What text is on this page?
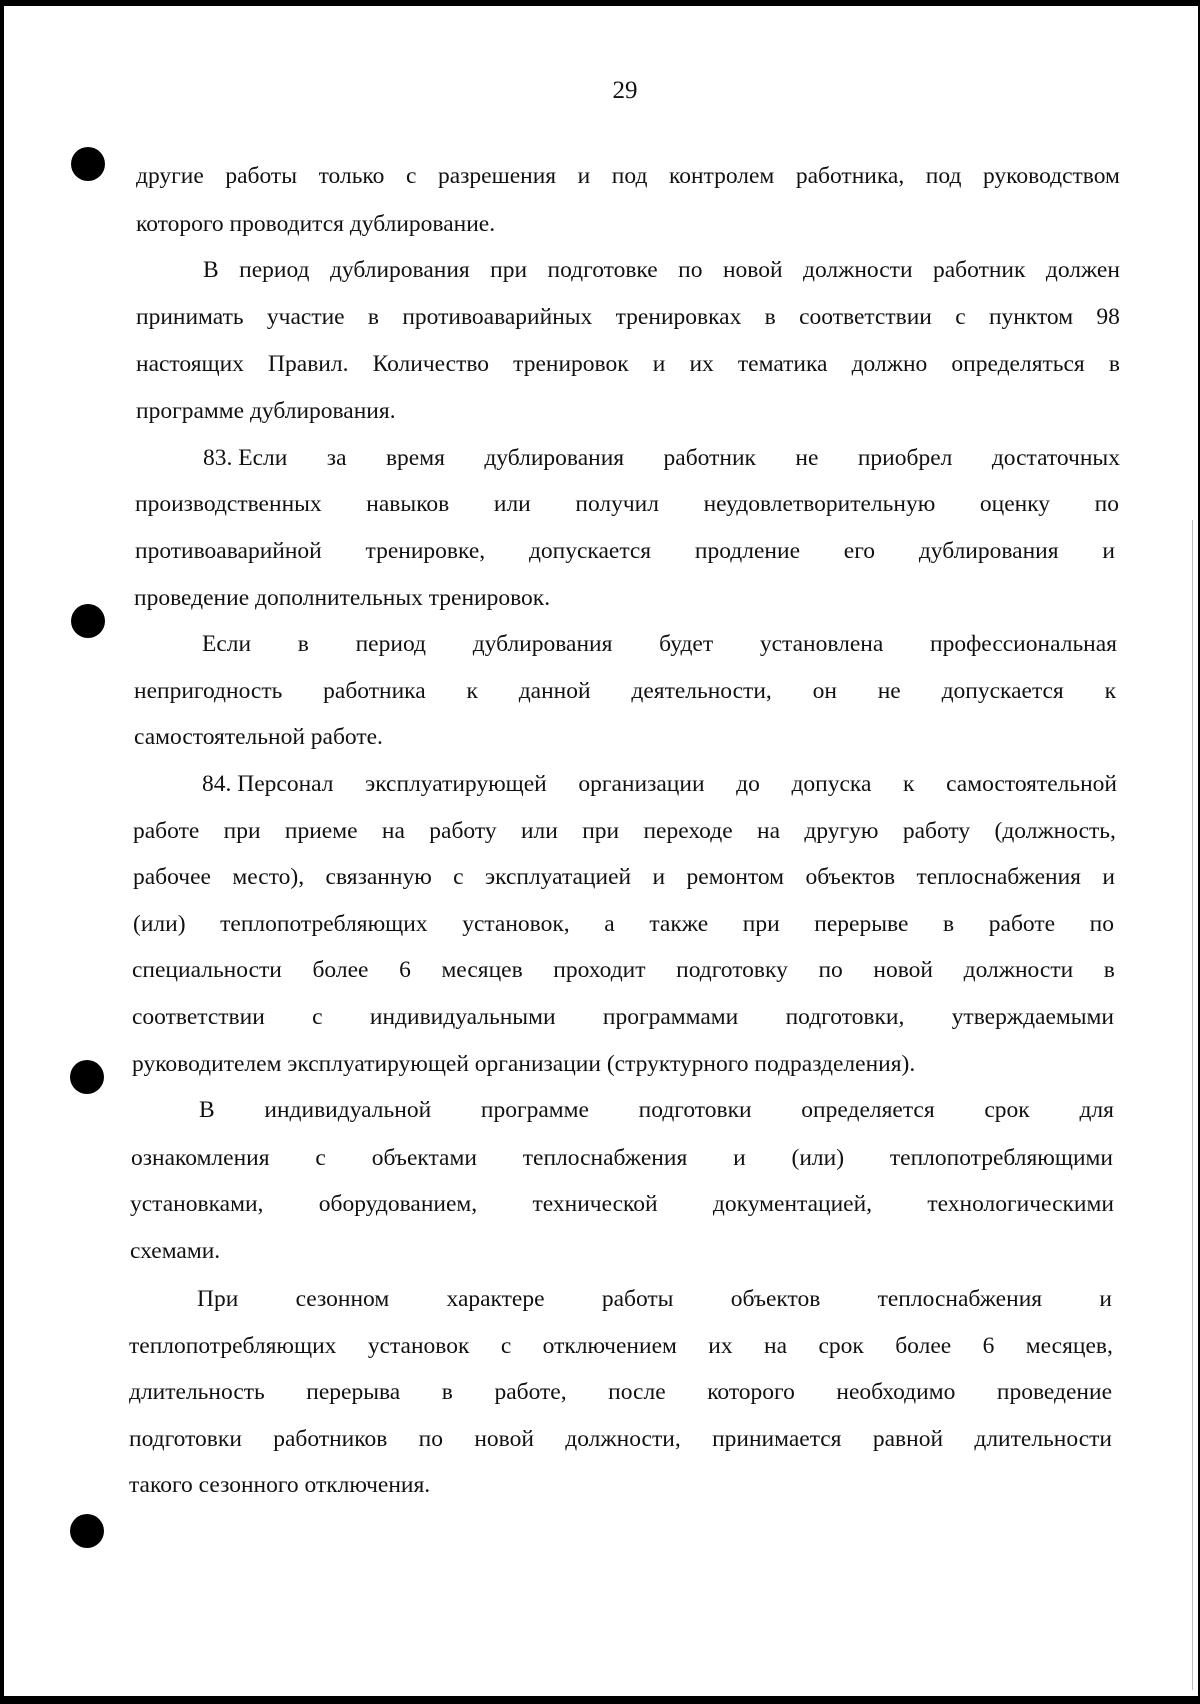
29
другие работы только с разрешения и под контролем работника, под руководством
которого проводится дублирование.
В период дублирования при подготовке по новой должности работник должен
принимать участие в противоаварийных тренировках в соответствии с пунктом 98
настоящих Правил. Количество тренировок и их тематика должно определяться в
программе дублирования.
83. Если за время дублирования работник не приобрел достаточных
производственных навыков или получил неудовлетворительную оценку по
противоаварийной тренировке, допускается продление его дублирования и
проведение дополнительных тренировок.
Если в период дублирования будет установлена профессиональная
непригодность работника к данной деятельности, он не допускается к
самостоятельной работе.
84. Персонал эксплуатирующей организации до допуска к самостоятельной
работе при приеме на работу или при переходе на другую работу (должность,
рабочее место), связанную с эксплуатацией и ремонтом объектов теплоснабжения и
(или) теплопотребляющих установок, а также при перерыве в работе по
специальности более 6 месяцев проходит подготовку по новой должности в
соответствии с индивидуальными программами подготовки, утверждаемыми
руководителем эксплуатирующей организации (структурного подразделения).
В индивидуальной программе подготовки определяется срок для
ознакомления с объектами теплоснабжения и (или) теплопотребляющими
установками, оборудованием, технической документацией, технологическими
схемами.
При сезонном характере работы объектов теплоснабжения и
теплопотребляющих установок с отключением их на срок более 6 месяцев,
длительность перерыва в работе, после которого необходимо проведение
подготовки работников по новой должности, принимается равной длительности
такого сезонного отключения.
